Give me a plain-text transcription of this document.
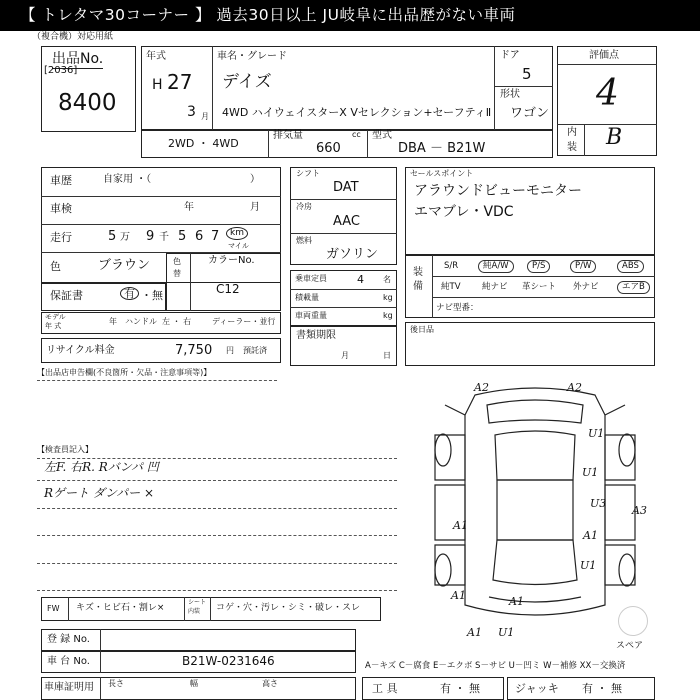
【 トレタマ30コーナー 】 過去30日以上 JU岐阜に出品歴がない車両
（複合機）対応用紙
出品No.
[2036]
8400
年式
H 27
3 月
車名・グレード
デイズ
4WD ハイウェイスターX Vセレクション+セーフティⅡ
ドア
5
形状
ワゴン
2WD ・ 4WD
排気量	cc
660
型式
DBA － B21W
評価点
4
内
装 B
車歴	自家用 ・（	）
車検	年	月
走行	5 万 9 千 5 6 7	km
マイル
色	ブラウン	色
替
カラーNo.
C12
保証書	有 ・無
モデル
年 式	年 ハンドル 左 ・ 右	ディーラー・並行
リサイクル料金	7,750 円 預託済
シフト
DAT
冷房
AAC
燃料
ガソリン
乗車定員	4 名
積載量	kg
車両重量	kg
書類期限
月	日
セールスポイント
アラウンドビューモニター
エマブレ・VDC
装
備
S/R	純A/W	P/S	P/W	ABS
純TV	純ナビ 革シート 外ナビ	エアB
ナビ型番：
後日品
【出品店申告欄(不良箇所・欠品・注意事項等)】
【検査員記入】
左F. 右R. Rバンパ 凹
Rゲート ダンパー ×
A2	A2
U1
U1
U3
A3
A1
A1
U1
A1	A1
U1
A1
スペア
FW キズ・ヒビ石・割レ×
シート
内装 コゲ・穴・汚レ・シミ・破レ・スレ
登 録 No.
車 台 No.	B21W-0231646
車庫証明用 長さ	幅	高さ
A－キズ C－腐食 E－エクボ S－サビ U－凹ミ W－補修 XX－交換済
工 具	有 ・ 無	ジャッキ 有 ・ 無
